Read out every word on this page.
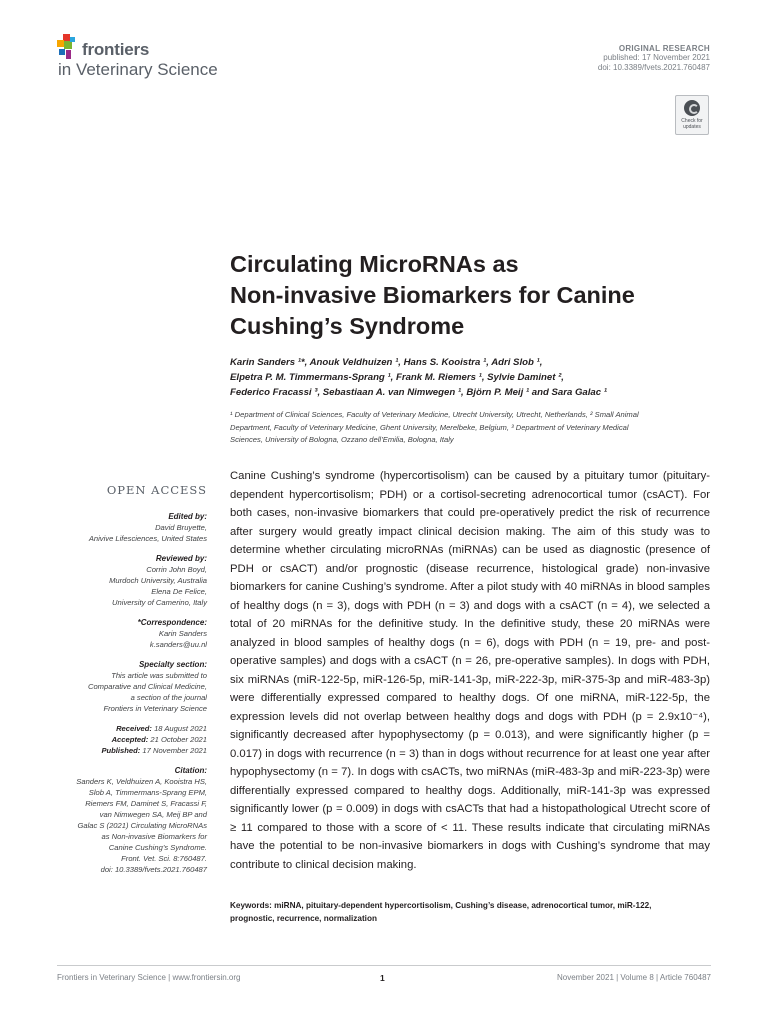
frontiers
in Veterinary Science
ORIGINAL RESEARCH
published: 17 November 2021
doi: 10.3389/fvets.2021.760487
Check for updates
Circulating MicroRNAs as
Non-invasive Biomarkers for Canine
Cushing’s Syndrome
Karin Sanders ¹*, Anouk Veldhuizen ¹, Hans S. Kooistra ¹, Adri Slob ¹,
Elpetra P. M. Timmermans-Sprang ¹, Frank M. Riemers ¹, Sylvie Daminet ²,
Federico Fracassi ³, Sebastiaan A. van Nimwegen ¹, Björn P. Meij ¹ and Sara Galac ¹
¹ Department of Clinical Sciences, Faculty of Veterinary Medicine, Utrecht University, Utrecht, Netherlands, ² Small Animal
Department, Faculty of Veterinary Medicine, Ghent University, Merelbeke, Belgium, ³ Department of Veterinary Medical
Sciences, University of Bologna, Ozzano dell’Emilia, Bologna, Italy
OPEN ACCESS
Edited by:
David Bruyette,
Anivive Lifesciences, United States
Reviewed by:
Corrin John Boyd,
Murdoch University, Australia
Elena De Felice,
University of Camerino, Italy
*Correspondence:
Karin Sanders
k.sanders@uu.nl
Specialty section:
This article was submitted to
Comparative and Clinical Medicine,
a section of the journal
Frontiers in Veterinary Science
Received: 18 August 2021
Accepted: 21 October 2021
Published: 17 November 2021
Citation:
Sanders K, Veldhuizen A, Kooistra HS,
Slob A, Timmermans-Sprang EPM,
Riemers FM, Daminet S, Fracassi F,
van Nimwegen SA, Meij BP and
Galac S (2021) Circulating MicroRNAs
as Non-invasive Biomarkers for
Canine Cushing’s Syndrome.
Front. Vet. Sci. 8:760487.
doi: 10.3389/fvets.2021.760487
Canine Cushing’s syndrome (hypercortisolism) can be caused by a pituitary tumor (pituitary-dependent hypercortisolism; PDH) or a cortisol-secreting adrenocortical tumor (csACT). For both cases, non-invasive biomarkers that could pre-operatively predict the risk of recurrence after surgery would greatly impact clinical decision making. The aim of this study was to determine whether circulating microRNAs (miRNAs) can be used as diagnostic (presence of PDH or csACT) and/or prognostic (disease recurrence, histological grade) non-invasive biomarkers for canine Cushing’s syndrome. After a pilot study with 40 miRNAs in blood samples of healthy dogs (n = 3), dogs with PDH (n = 3) and dogs with a csACT (n = 4), we selected a total of 20 miRNAs for the definitive study. In the definitive study, these 20 miRNAs were analyzed in blood samples of healthy dogs (n = 6), dogs with PDH (n = 19, pre- and post-operative samples) and dogs with a csACT (n = 26, pre-operative samples). In dogs with PDH, six miRNAs (miR-122-5p, miR-126-5p, miR-141-3p, miR-222-3p, miR-375-3p and miR-483-3p) were differentially expressed compared to healthy dogs. Of one miRNA, miR-122-5p, the expression levels did not overlap between healthy dogs and dogs with PDH (p = 2.9x10⁻⁴), significantly decreased after hypophysectomy (p = 0.013), and were significantly higher (p = 0.017) in dogs with recurrence (n = 3) than in dogs without recurrence for at least one year after hypophysectomy (n = 7). In dogs with csACTs, two miRNAs (miR-483-3p and miR-223-3p) were differentially expressed compared to healthy dogs. Additionally, miR-141-3p was expressed significantly lower (p = 0.009) in dogs with csACTs that had a histopathological Utrecht score of ≥ 11 compared to those with a score of < 11. These results indicate that circulating miRNAs have the potential to be non-invasive biomarkers in dogs with Cushing’s syndrome that may contribute to clinical decision making.
Keywords: miRNA, pituitary-dependent hypercortisolism, Cushing’s disease, adrenocortical tumor, miR-122,
prognostic, recurrence, normalization
Frontiers in Veterinary Science | www.frontiersin.org	1	November 2021 | Volume 8 | Article 760487
